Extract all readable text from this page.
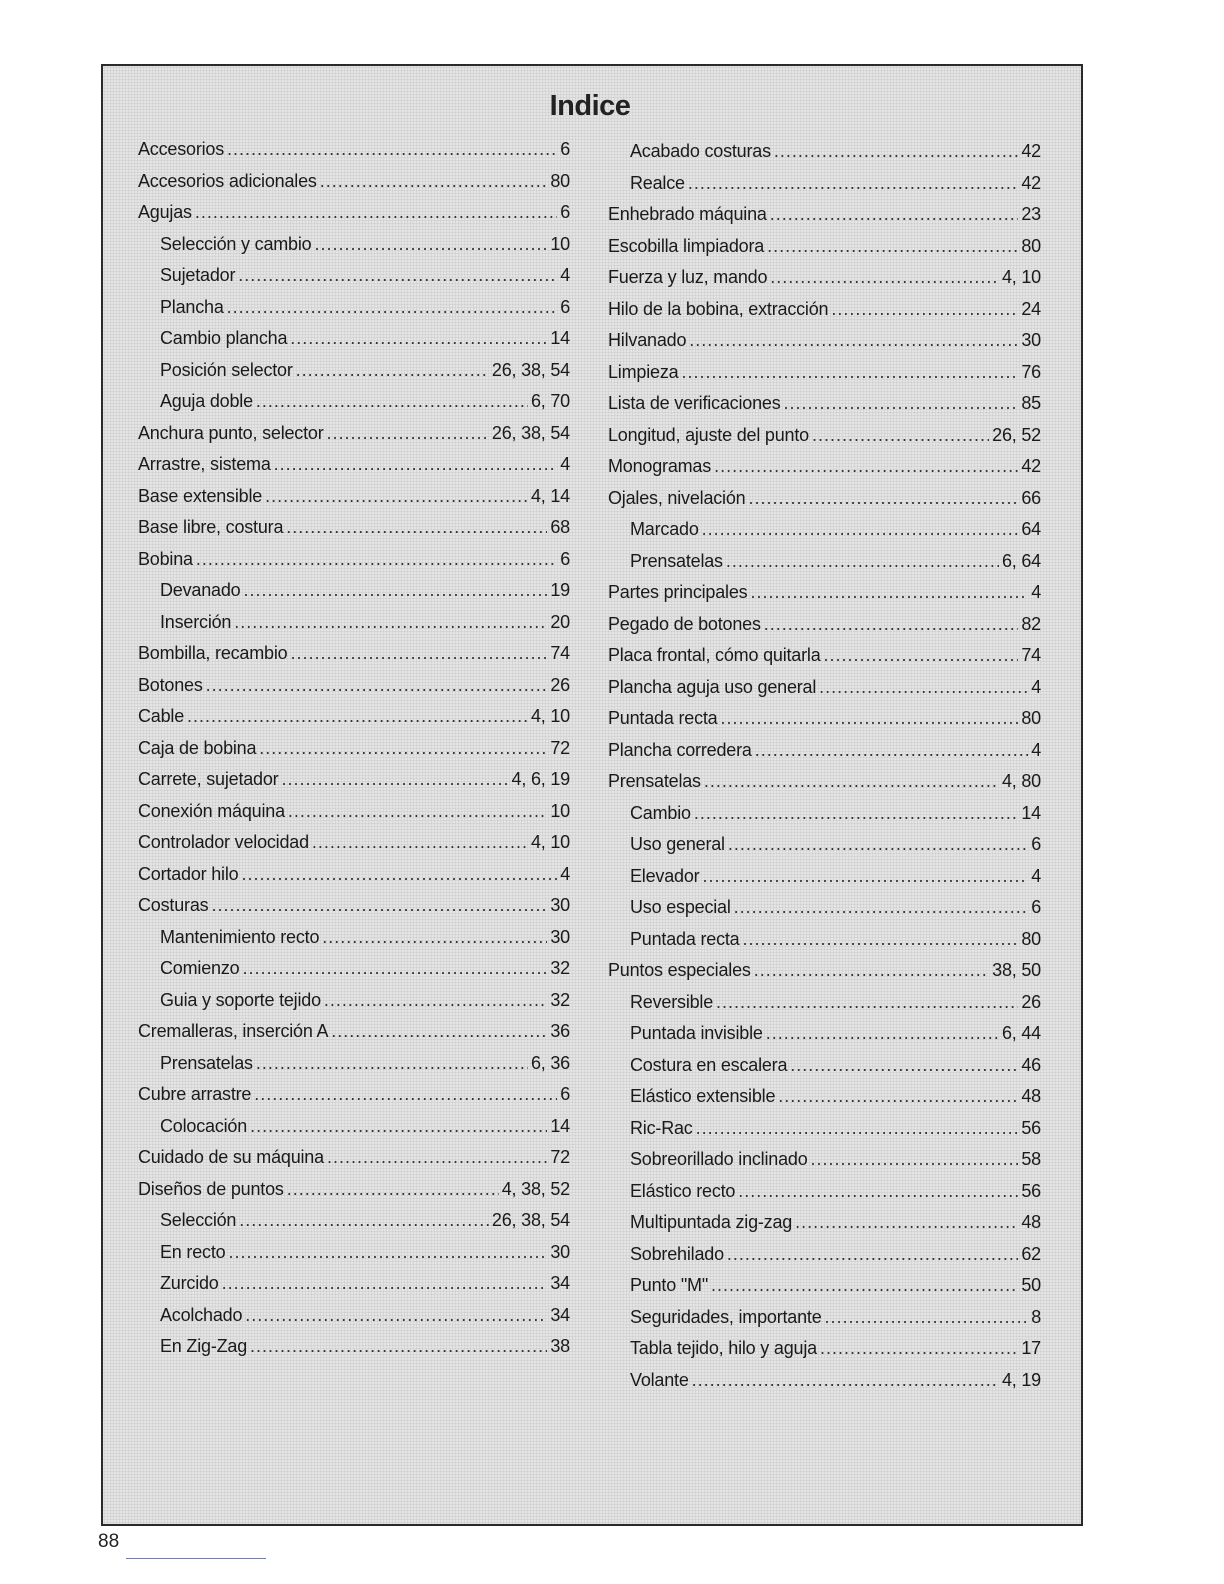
Indice
Accesorios .....	6
Accesorios adicionales .....	80
Agujas .....	6
Selección y cambio .....	10
Sujetador .....	4
Plancha .....	6
Cambio plancha .....	14
Posición selector .....	26, 38, 54
Aguja doble .....	6, 70
Anchura punto, selector .....	26, 38, 54
Arrastre, sistema .....	4
Base extensible .....	4, 14
Base libre, costura .....	68
Bobina .....	6
Devanado .....	19
Inserción .....	20
Bombilla, recambio .....	74
Botones .....	26
Cable .....	4, 10
Caja de bobina .....	72
Carrete, sujetador .....	4, 6, 19
Conexión máquina .....	10
Controlador velocidad .....	4, 10
Cortador hilo .....	4
Costuras .....	30
Mantenimiento recto .....	30
Comienzo .....	32
Guia y soporte tejido .....	32
Cremalleras, inserción A .....	36
Prensatelas .....	6, 36
Cubre arrastre .....	6
Colocación .....	14
Cuidado de su máquina .....	72
Diseños de puntos .....	4, 38, 52
Selección .....	26, 38, 54
En recto .....	30
Zurcido .....	34
Acolchado .....	34
En Zig-Zag .....	38
Acabado costuras .....	42
Realce .....	42
Enhebrado máquina .....	23
Escobilla limpiadora .....	80
Fuerza y luz, mando .....	4, 10
Hilo de la bobina, extracción .....	24
Hilvanado .....	30
Limpieza .....	76
Lista de verificaciones .....	85
Longitud, ajuste del punto .....	26, 52
Monogramas .....	42
Ojales, nivelación .....	66
Marcado .....	64
Prensatelas .....	6, 64
Partes principales .....	4
Pegado de botones .....	82
Placa frontal, cómo quitarla .....	74
Plancha aguja uso general .....	4
Puntada recta .....	80
Plancha corredera .....	4
Prensatelas .....	4, 80
Cambio .....	14
Uso general .....	6
Elevador .....	4
Uso especial .....	6
Puntada recta .....	80
Puntos especiales .....	38, 50
Reversible .....	26
Puntada invisible .....	6, 44
Costura en escalera .....	46
Elástico extensible .....	48
Ric-Rac .....	56
Sobreorillado inclinado .....	58
Elástico recto .....	56
Multipuntada zig-zag .....	48
Sobrehilado .....	62
Punto "M" .....	50
Seguridades, importante .....	8
Tabla tejido, hilo y aguja .....	17
Volante .....	4, 19
88
